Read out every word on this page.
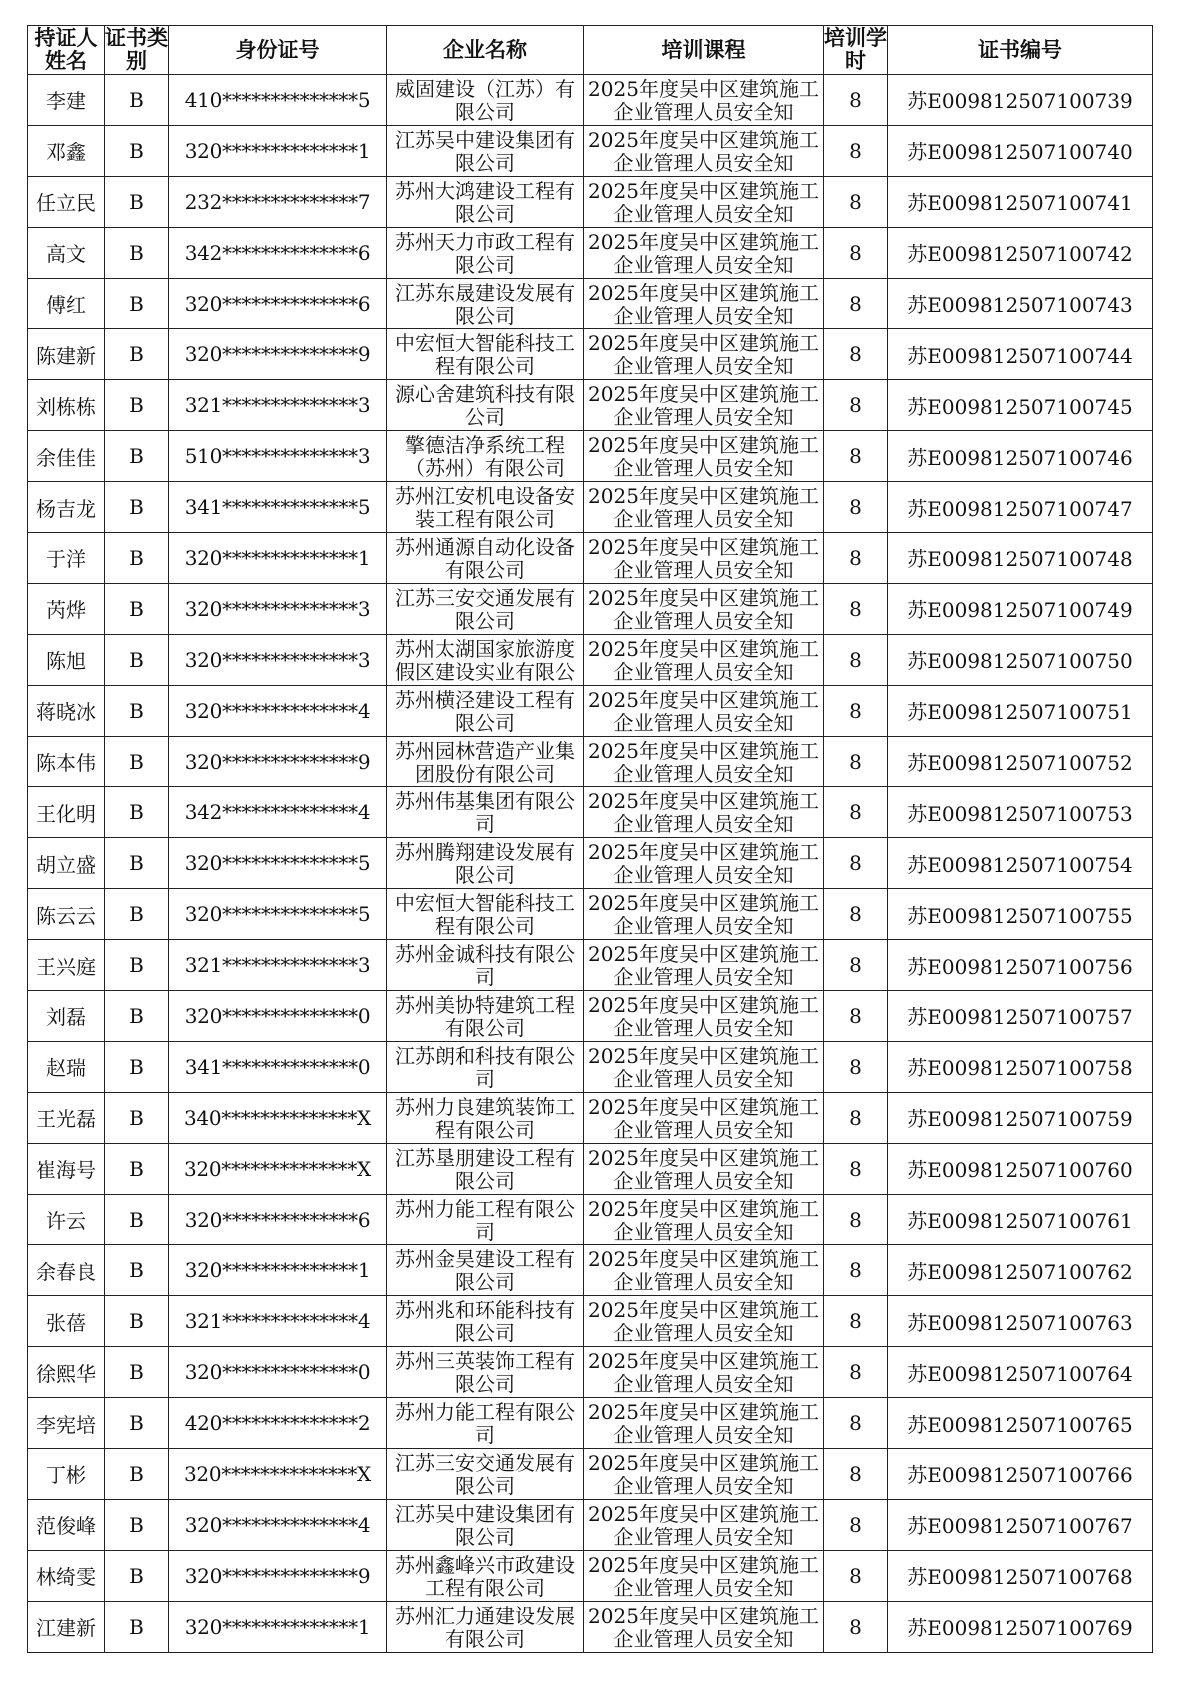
持证人姓名	证书类别	身份证号	企业名称	培训课程	培训学时	证书编号
李建	B	410**************5	威固建设（江苏）有限公司	2025年度吴中区建筑施工企业管理人员安全知	8	苏E009812507100739
邓鑫	B	320**************1	江苏吴中建设集团有限公司	2025年度吴中区建筑施工企业管理人员安全知	8	苏E009812507100740
任立民	B	232**************7	苏州大鸿建设工程有限公司	2025年度吴中区建筑施工企业管理人员安全知	8	苏E009812507100741
高文	B	342**************6	苏州天力市政工程有限公司	2025年度吴中区建筑施工企业管理人员安全知	8	苏E009812507100742
傅红	B	320**************6	江苏东晟建设发展有限公司	2025年度吴中区建筑施工企业管理人员安全知	8	苏E009812507100743
陈建新	B	320**************9	中宏恒大智能科技工程有限公司	2025年度吴中区建筑施工企业管理人员安全知	8	苏E009812507100744
刘栋栋	B	321**************3	源心舍建筑科技有限公司	2025年度吴中区建筑施工企业管理人员安全知	8	苏E009812507100745
余佳佳	B	510**************3	擎德洁净系统工程（苏州）有限公司	2025年度吴中区建筑施工企业管理人员安全知	8	苏E009812507100746
杨吉龙	B	341**************5	苏州江安机电设备安装工程有限公司	2025年度吴中区建筑施工企业管理人员安全知	8	苏E009812507100747
于洋	B	320**************1	苏州通源自动化设备有限公司	2025年度吴中区建筑施工企业管理人员安全知	8	苏E009812507100748
芮烨	B	320**************3	江苏三安交通发展有限公司	2025年度吴中区建筑施工企业管理人员安全知	8	苏E009812507100749
陈旭	B	320**************3	苏州太湖国家旅游度假区建设实业有限公	2025年度吴中区建筑施工企业管理人员安全知	8	苏E009812507100750
蒋晓冰	B	320**************4	苏州横泾建设工程有限公司	2025年度吴中区建筑施工企业管理人员安全知	8	苏E009812507100751
陈本伟	B	320**************9	苏州园林营造产业集团股份有限公司	2025年度吴中区建筑施工企业管理人员安全知	8	苏E009812507100752
王化明	B	342**************4	苏州伟基集团有限公司	2025年度吴中区建筑施工企业管理人员安全知	8	苏E009812507100753
胡立盛	B	320**************5	苏州腾翔建设发展有限公司	2025年度吴中区建筑施工企业管理人员安全知	8	苏E009812507100754
陈云云	B	320**************5	中宏恒大智能科技工程有限公司	2025年度吴中区建筑施工企业管理人员安全知	8	苏E009812507100755
王兴庭	B	321**************3	苏州金诚科技有限公司	2025年度吴中区建筑施工企业管理人员安全知	8	苏E009812507100756
刘磊	B	320**************0	苏州美协特建筑工程有限公司	2025年度吴中区建筑施工企业管理人员安全知	8	苏E009812507100757
赵瑞	B	341**************0	江苏朗和科技有限公司	2025年度吴中区建筑施工企业管理人员安全知	8	苏E009812507100758
王光磊	B	340**************X	苏州力良建筑装饰工程有限公司	2025年度吴中区建筑施工企业管理人员安全知	8	苏E009812507100759
崔海号	B	320**************X	江苏垦朋建设工程有限公司	2025年度吴中区建筑施工企业管理人员安全知	8	苏E009812507100760
许云	B	320**************6	苏州力能工程有限公司	2025年度吴中区建筑施工企业管理人员安全知	8	苏E009812507100761
余春良	B	320**************1	苏州金昊建设工程有限公司	2025年度吴中区建筑施工企业管理人员安全知	8	苏E009812507100762
张蓓	B	321**************4	苏州兆和环能科技有限公司	2025年度吴中区建筑施工企业管理人员安全知	8	苏E009812507100763
徐熙华	B	320**************0	苏州三英装饰工程有限公司	2025年度吴中区建筑施工企业管理人员安全知	8	苏E009812507100764
李宪培	B	420**************2	苏州力能工程有限公司	2025年度吴中区建筑施工企业管理人员安全知	8	苏E009812507100765
丁彬	B	320**************X	江苏三安交通发展有限公司	2025年度吴中区建筑施工企业管理人员安全知	8	苏E009812507100766
范俊峰	B	320**************4	江苏吴中建设集团有限公司	2025年度吴中区建筑施工企业管理人员安全知	8	苏E009812507100767
林绮雯	B	320**************9	苏州鑫峰兴市政建设工程有限公司	2025年度吴中区建筑施工企业管理人员安全知	8	苏E009812507100768
江建新	B	320**************1	苏州汇力通建设发展有限公司	2025年度吴中区建筑施工企业管理人员安全知	8	苏E009812507100769
